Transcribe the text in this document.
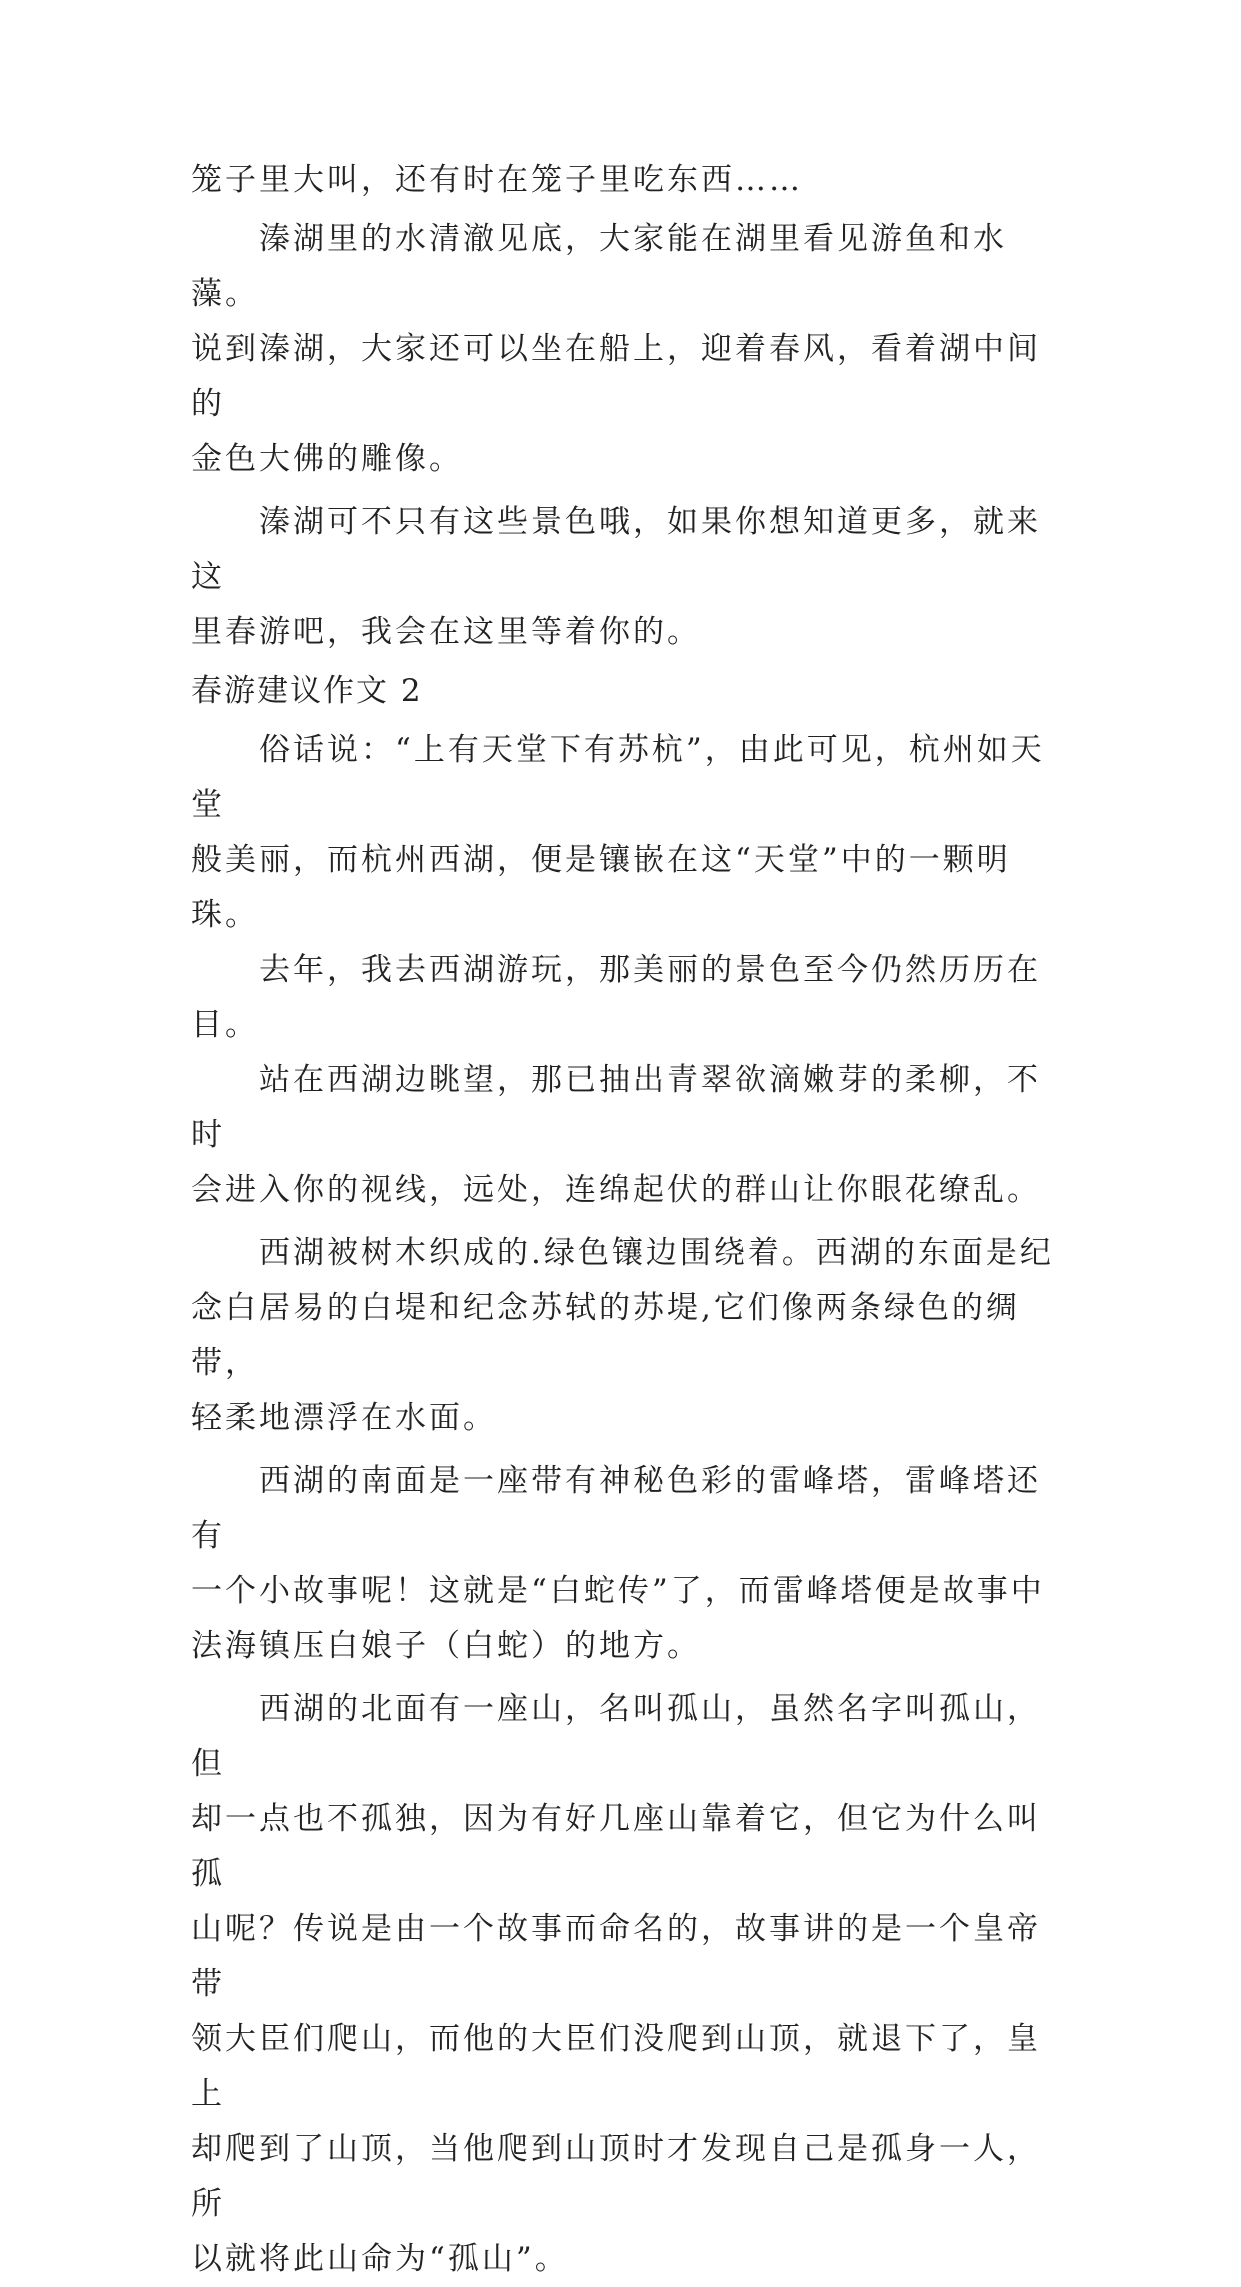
笼子里大叫，还有时在笼子里吃东西……

　　溱湖里的水清澈见底，大家能在湖里看见游鱼和水藻。

说到溱湖，大家还可以坐在船上，迎着春风，看着湖中间的

金色大佛的雕像。

　　溱湖可不只有这些景色哦，如果你想知道更多，就来这

里春游吧，我会在这里等着你的。

春游建议作文 2

　　俗话说：“上有天堂下有苏杭”，由此可见，杭州如天堂

般美丽，而杭州西湖，便是镶嵌在这“天堂”中的一颗明珠。

　　去年，我去西湖游玩，那美丽的景色至今仍然历历在目。

　　站在西湖边眺望，那已抽出青翠欲滴嫩芽的柔柳，不时

会进入你的视线，远处，连绵起伏的群山让你眼花缭乱。

　　西湖被树木织成的.绿色镶边围绕着。西湖的东面是纪

念白居易的白堤和纪念苏轼的苏堤,它们像两条绿色的绸带，

轻柔地漂浮在水面。

　　西湖的南面是一座带有神秘色彩的雷峰塔，雷峰塔还有

一个小故事呢！这就是“白蛇传”了，而雷峰塔便是故事中

法海镇压白娘子（白蛇）的地方。

　　西湖的北面有一座山，名叫孤山，虽然名字叫孤山，但

却一点也不孤独，因为有好几座山靠着它，但它为什么叫孤

山呢？传说是由一个故事而命名的，故事讲的是一个皇帝带

领大臣们爬山，而他的大臣们没爬到山顶，就退下了，皇上

却爬到了山顶，当他爬到山顶时才发现自己是孤身一人，所

以就将此山命为“孤山”。
